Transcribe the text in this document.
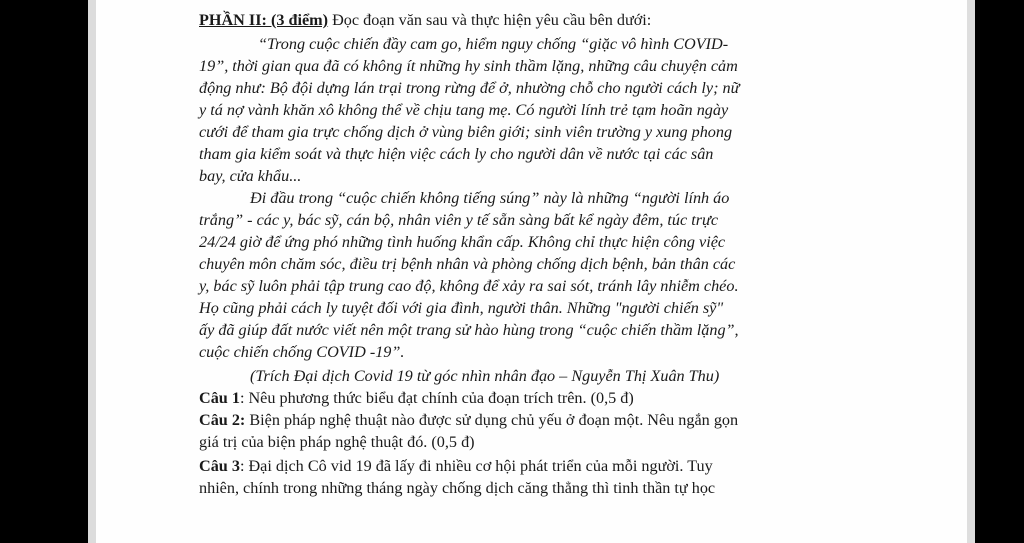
PHẦN II: (3 điểm) Đọc đoạn văn sau và thực hiện yêu cầu bên dưới:
“Trong cuộc chiến đầy cam go, hiểm nguy chống “giặc vô hình COVID-
19”, thời gian qua đã có không ít những hy sinh thầm lặng, những câu chuyện cảm
động như: Bộ đội dựng lán trại trong rừng để ở, nhường chỗ cho người cách ly; nữ
y tá nợ vành khăn xô không thể về chịu tang mẹ. Có người lính trẻ tạm hoãn ngày
cưới để tham gia trực chống dịch ở vùng biên giới; sinh viên trường y xung phong
tham gia kiểm soát và thực hiện việc cách ly cho người dân về nước tại các sân
bay, cửa khẩu...
Đi đầu trong “cuộc chiến không tiếng súng” này là những “người lính áo
trắng” - các y, bác sỹ, cán bộ, nhân viên y tế sẵn sàng bất kể ngày đêm, túc trực
24/24 giờ để ứng phó những tình huống khẩn cấp. Không chỉ thực hiện công việc
chuyên môn chăm sóc, điều trị bệnh nhân và phòng chống dịch bệnh, bản thân các
y, bác sỹ luôn phải tập trung cao độ, không để xảy ra sai sót, tránh lây nhiễm chéo.
Họ cũng phải cách ly tuyệt đối với gia đình, người thân. Những "người chiến sỹ"
ấy đã giúp đất nước viết nên một trang sử hào hùng trong “cuộc chiến thầm lặng”,
cuộc chiến chống COVID -19”.
(Trích Đại dịch Covid 19 từ góc nhìn nhân đạo – Nguyễn Thị Xuân Thu)
Câu 1: Nêu phương thức biểu đạt chính của đoạn trích trên. (0,5 đ)
Câu 2: Biện pháp nghệ thuật nào được sử dụng chủ yếu ở đoạn một. Nêu ngắn gọn
giá trị của biện pháp nghệ thuật đó. (0,5 đ)
Câu 3: Đại dịch Cô vid 19 đã lấy đi nhiều cơ hội phát triển của mỗi người. Tuy
nhiên, chính trong những tháng ngày chống dịch căng thẳng thì tinh thần tự học
